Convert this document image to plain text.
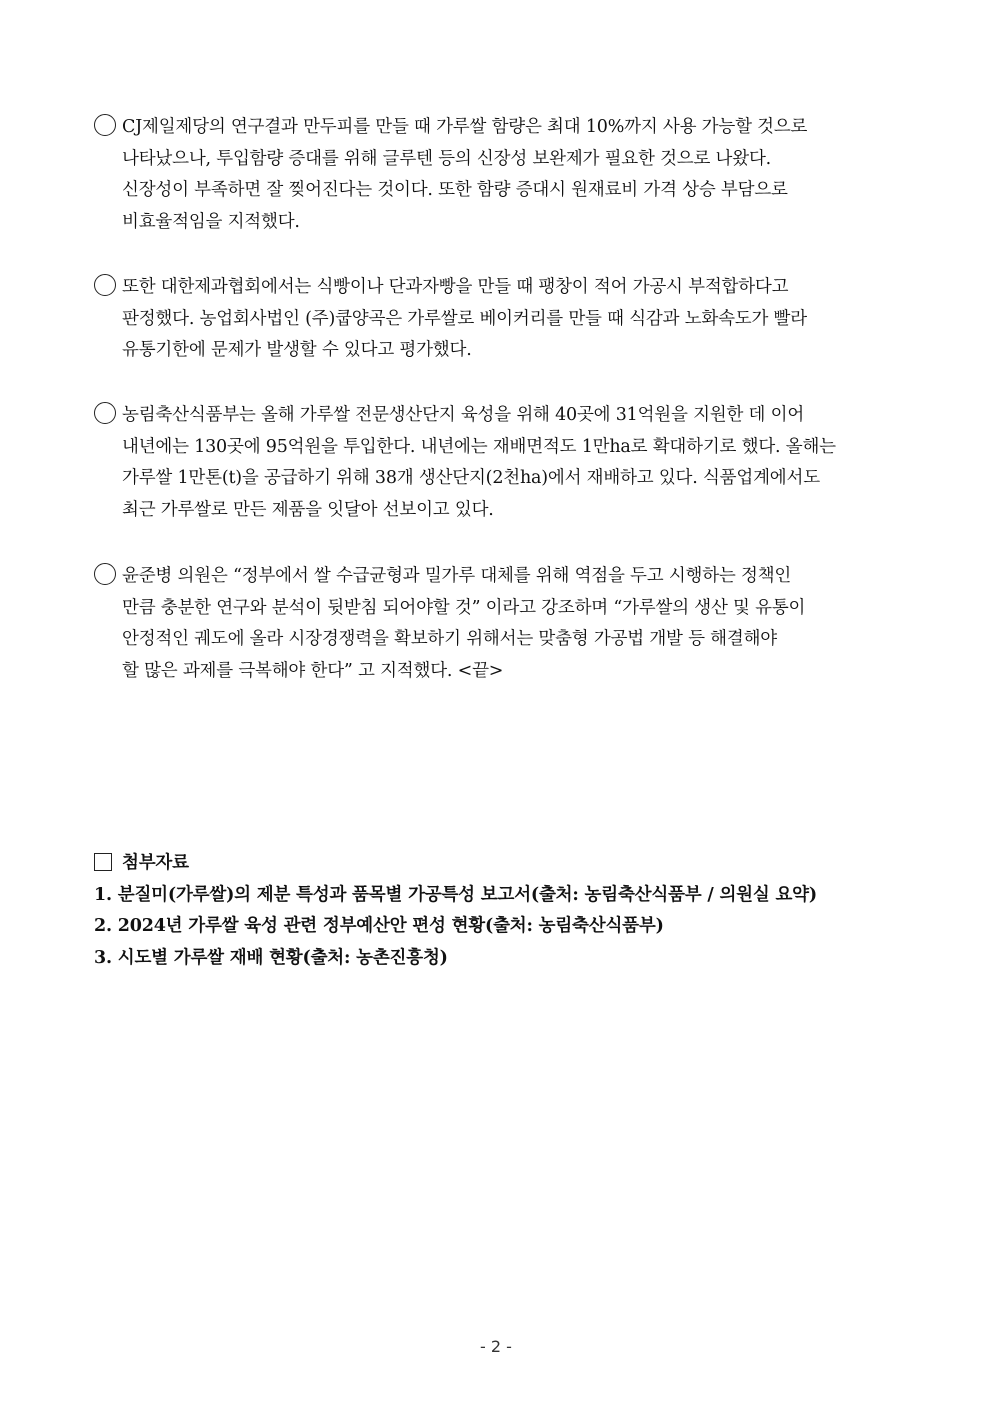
CJ제일제당의 연구결과 만두피를 만들 때 가루쌀 함량은 최대 10%까지 사용 가능할 것으로
나타났으나, 투입함량 증대를 위해 글루텐 등의 신장성 보완제가 필요한 것으로 나왔다.
신장성이 부족하면 잘 찢어진다는 것이다. 또한 함량 증대시 원재료비 가격 상승 부담으로
비효율적임을 지적했다.
또한 대한제과협회에서는 식빵이나 단과자빵을 만들 때 팽창이 적어 가공시 부적합하다고
판정했다. 농업회사법인 (주)쿱양곡은 가루쌀로 베이커리를 만들 때 식감과 노화속도가 빨라
유통기한에 문제가 발생할 수 있다고 평가했다.
농림축산식품부는 올해 가루쌀 전문생산단지 육성을 위해 40곳에 31억원을 지원한 데 이어
내년에는 130곳에 95억원을 투입한다. 내년에는 재배면적도 1만ha로 확대하기로 했다. 올해는
가루쌀 1만톤(t)을 공급하기 위해 38개 생산단지(2천ha)에서 재배하고 있다. 식품업계에서도
최근 가루쌀로 만든 제품을 잇달아 선보이고 있다.
윤준병 의원은 “정부에서 쌀 수급균형과 밀가루 대체를 위해 역점을 두고 시행하는 정책인
만큼 충분한 연구와 분석이 뒷받침 되어야할 것” 이라고 강조하며 “가루쌀의 생산 및 유통이
안정적인 궤도에 올라 시장경쟁력을 확보하기 위해서는 맞춤형 가공법 개발 등 해결해야
할 많은 과제를 극복해야 한다” 고 지적했다. <끝>
첨부자료
1. 분질미(가루쌀)의 제분 특성과 품목별 가공특성 보고서(출처: 농림축산식품부 / 의원실 요약)
2. 2024년 가루쌀 육성 관련 정부예산안 편성 현황(출처: 농림축산식품부)
3. 시도별 가루쌀 재배 현황(출처: 농촌진흥청)
- 2 -
